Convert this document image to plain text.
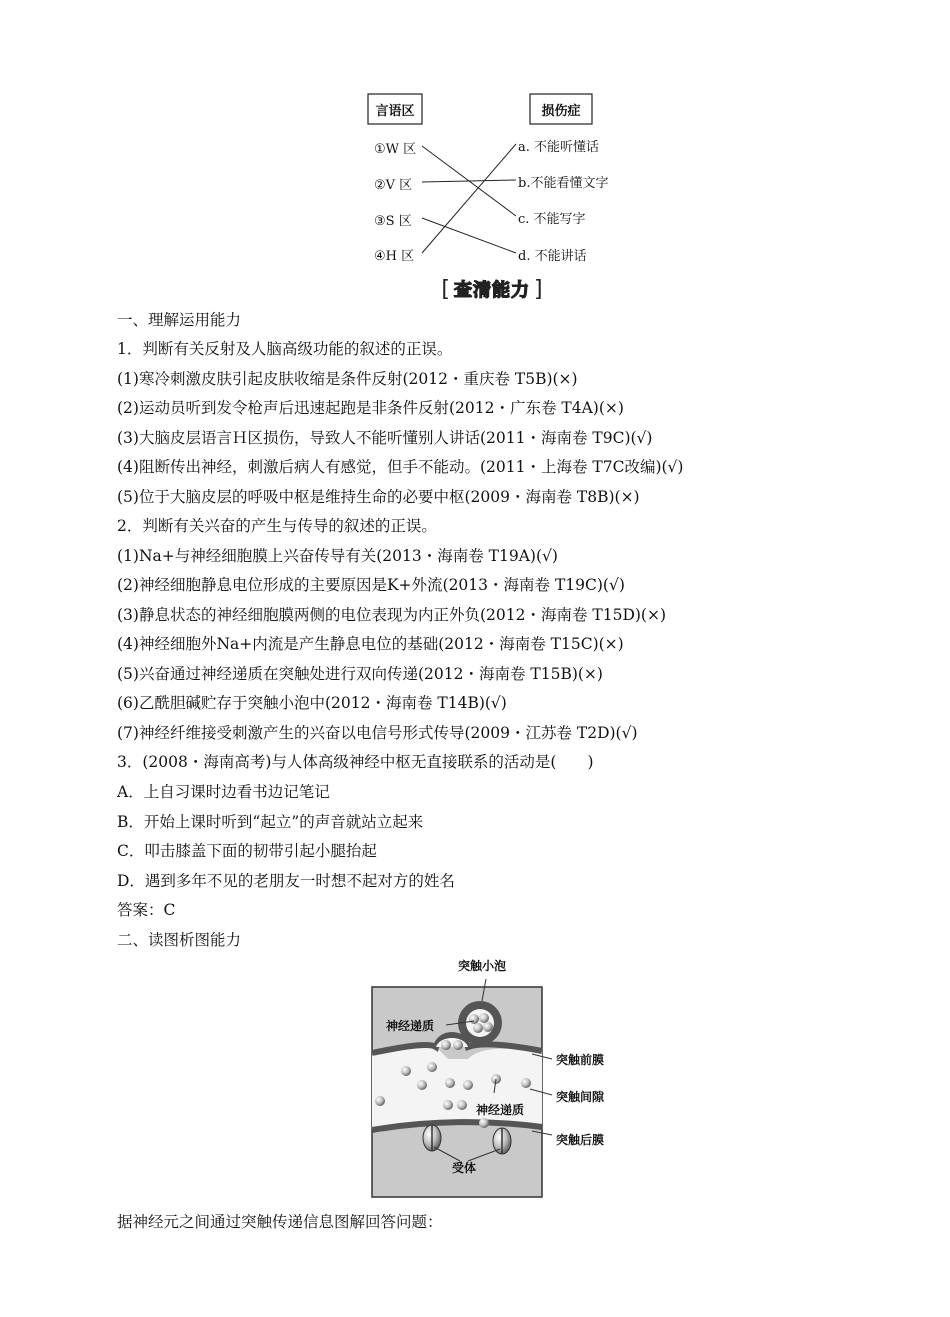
言语区	损伤症
①W 区
②V 区
③S 区
④H 区
a. 不能听懂话
b.不能看懂文字
c. 不能写字
d. 不能讲话
[ 查清能力 ]
一、理解运用能力
1．判断有关反射及人脑高级功能的叙述的正误。
(1)寒冷刺激皮肤引起皮肤收缩是条件反射(2012・重庆卷 T5B)(×)
(2)运动员听到发令枪声后迅速起跑是非条件反射(2012・广东卷 T4A)(×)
(3)大脑皮层语言Ｈ区损伤，导致人不能听懂别人讲话(2011・海南卷 T9C)(√)
(4)阻断传出神经，刺激后病人有感觉，但手不能动。(2011・上海卷 T7C改编)(√)
(5)位于大脑皮层的呼吸中枢是维持生命的必要中枢(2009・海南卷 T8B)(×)
2．判断有关兴奋的产生与传导的叙述的正误。
(1)Na+与神经细胞膜上兴奋传导有关(2013・海南卷 T19A)(√)
(2)神经细胞静息电位形成的主要原因是K+外流(2013・海南卷 T19C)(√)
(3)静息状态的神经细胞膜两侧的电位表现为内正外负(2012・海南卷 T15D)(×)
(4)神经细胞外Na+内流是产生静息电位的基础(2012・海南卷 T15C)(×)
(5)兴奋通过神经递质在突触处进行双向传递(2012・海南卷 T15B)(×)
(6)乙酰胆碱贮存于突触小泡中(2012・海南卷 T14B)(√)
(7)神经纤维接受刺激产生的兴奋以电信号形式传导(2009・江苏卷 T2D)(√)
3．(2008・海南高考)与人体高级神经中枢无直接联系的活动是(　　)
A．上自习课时边看书边记笔记
B．开始上课时听到“起立”的声音就站立起来
C．叩击膝盖下面的韧带引起小腿抬起
D．遇到多年不见的老朋友一时想不起对方的姓名
答案：C
二、读图析图能力
突触小泡
神经递质
突触前膜
突触间隙
神经递质
突触后膜
受体
据神经元之间通过突触传递信息图解回答问题：
